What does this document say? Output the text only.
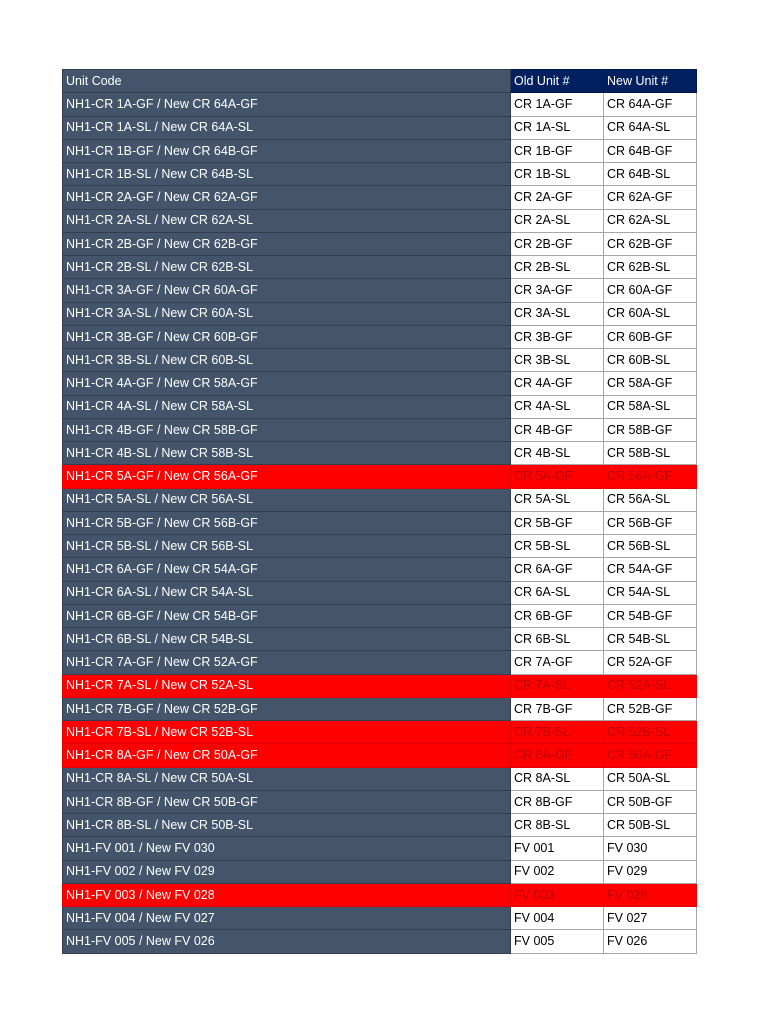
Unit Code	Old Unit #	New Unit #
NH1-CR 1A-GF / New CR 64A-GF	CR 1A-GF	CR 64A-GF
NH1-CR 1A-SL / New CR 64A-SL	CR 1A-SL	CR 64A-SL
NH1-CR 1B-GF / New CR 64B-GF	CR 1B-GF	CR 64B-GF
NH1-CR 1B-SL / New CR 64B-SL	CR 1B-SL	CR 64B-SL
NH1-CR 2A-GF / New CR 62A-GF	CR 2A-GF	CR 62A-GF
NH1-CR 2A-SL / New CR 62A-SL	CR 2A-SL	CR 62A-SL
NH1-CR 2B-GF / New CR 62B-GF	CR 2B-GF	CR 62B-GF
NH1-CR 2B-SL / New CR 62B-SL	CR 2B-SL	CR 62B-SL
NH1-CR 3A-GF / New CR 60A-GF	CR 3A-GF	CR 60A-GF
NH1-CR 3A-SL / New CR 60A-SL	CR 3A-SL	CR 60A-SL
NH1-CR 3B-GF / New CR 60B-GF	CR 3B-GF	CR 60B-GF
NH1-CR 3B-SL / New CR 60B-SL	CR 3B-SL	CR 60B-SL
NH1-CR 4A-GF / New CR 58A-GF	CR 4A-GF	CR 58A-GF
NH1-CR 4A-SL / New CR 58A-SL	CR 4A-SL	CR 58A-SL
NH1-CR 4B-GF / New CR 58B-GF	CR 4B-GF	CR 58B-GF
NH1-CR 4B-SL / New CR 58B-SL	CR 4B-SL	CR 58B-SL
NH1-CR 5A-GF / New CR 56A-GF	CR 5A-GF	CR 56A-GF
NH1-CR 5A-SL / New CR 56A-SL	CR 5A-SL	CR 56A-SL
NH1-CR 5B-GF / New CR 56B-GF	CR 5B-GF	CR 56B-GF
NH1-CR 5B-SL / New CR 56B-SL	CR 5B-SL	CR 56B-SL
NH1-CR 6A-GF / New CR 54A-GF	CR 6A-GF	CR 54A-GF
NH1-CR 6A-SL / New CR 54A-SL	CR 6A-SL	CR 54A-SL
NH1-CR 6B-GF / New CR 54B-GF	CR 6B-GF	CR 54B-GF
NH1-CR 6B-SL / New CR 54B-SL	CR 6B-SL	CR 54B-SL
NH1-CR 7A-GF / New CR 52A-GF	CR 7A-GF	CR 52A-GF
NH1-CR 7A-SL / New CR 52A-SL	CR 7A-SL	CR 52A-SL
NH1-CR 7B-GF / New CR 52B-GF	CR 7B-GF	CR 52B-GF
NH1-CR 7B-SL / New CR 52B-SL	CR 7B-SL	CR 52B-SL
NH1-CR 8A-GF / New CR 50A-GF	CR 8A-GF	CR 50A-GF
NH1-CR 8A-SL / New CR 50A-SL	CR 8A-SL	CR 50A-SL
NH1-CR 8B-GF / New CR 50B-GF	CR 8B-GF	CR 50B-GF
NH1-CR 8B-SL / New CR 50B-SL	CR 8B-SL	CR 50B-SL
NH1-FV 001 / New FV 030	FV 001	FV 030
NH1-FV 002 / New FV 029	FV 002	FV 029
NH1-FV 003 / New FV 028	FV 003	FV 028
NH1-FV 004 / New FV 027	FV 004	FV 027
NH1-FV 005 / New FV 026	FV 005	FV 026
